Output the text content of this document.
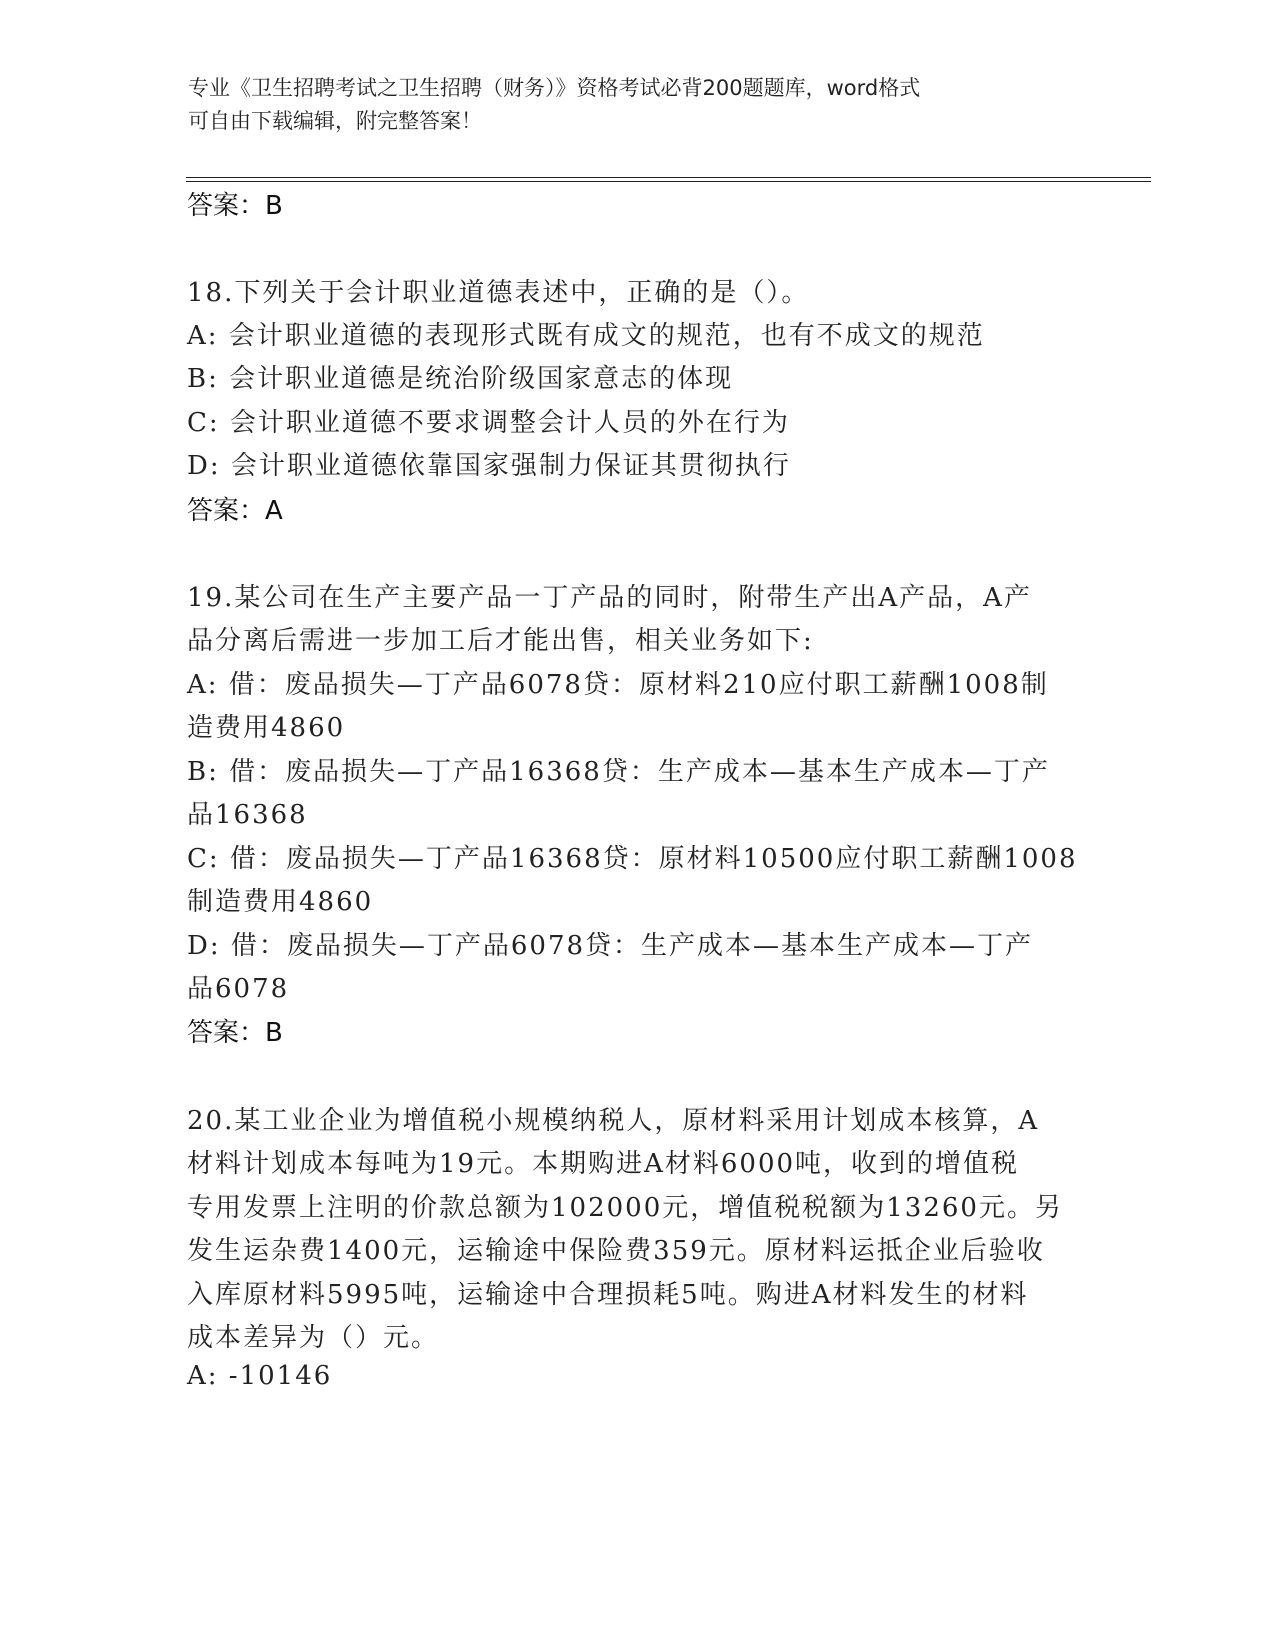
专业《卫生招聘考试之卫生招聘（财务）》资格考试必背200题题库，word格式
可自由下载编辑，附完整答案！
答案：B
18.下列关于会计职业道德表述中，正确的是（）。
A: 会计职业道德的表现形式既有成文的规范，也有不成文的规范
B: 会计职业道德是统治阶级国家意志的体现
C: 会计职业道德不要求调整会计人员的外在行为
D: 会计职业道德依靠国家强制力保证其贯彻执行
答案：A
19.某公司在生产主要产品一丁产品的同时，附带生产出A产品，A产
品分离后需进一步加工后才能出售，相关业务如下:
A: 借：废品损失—丁产品6078贷：原材料210应付职工薪酬1008制
造费用4860
B: 借：废品损失—丁产品16368贷：生产成本—基本生产成本—丁产
品16368
C: 借：废品损失—丁产品16368贷：原材料10500应付职工薪酬1008
制造费用4860
D: 借：废品损失—丁产品6078贷：生产成本—基本生产成本—丁产
品6078
答案：B
20.某工业企业为增值税小规模纳税人，原材料采用计划成本核算，A
材料计划成本每吨为19元。本期购进A材料6000吨，收到的增值税
专用发票上注明的价款总额为102000元，增值税税额为13260元。另
发生运杂费1400元，运输途中保险费359元。原材料运抵企业后验收
入库原材料5995吨，运输途中合理损耗5吨。购进A材料发生的材料
成本差异为（）元。
A: -10146
